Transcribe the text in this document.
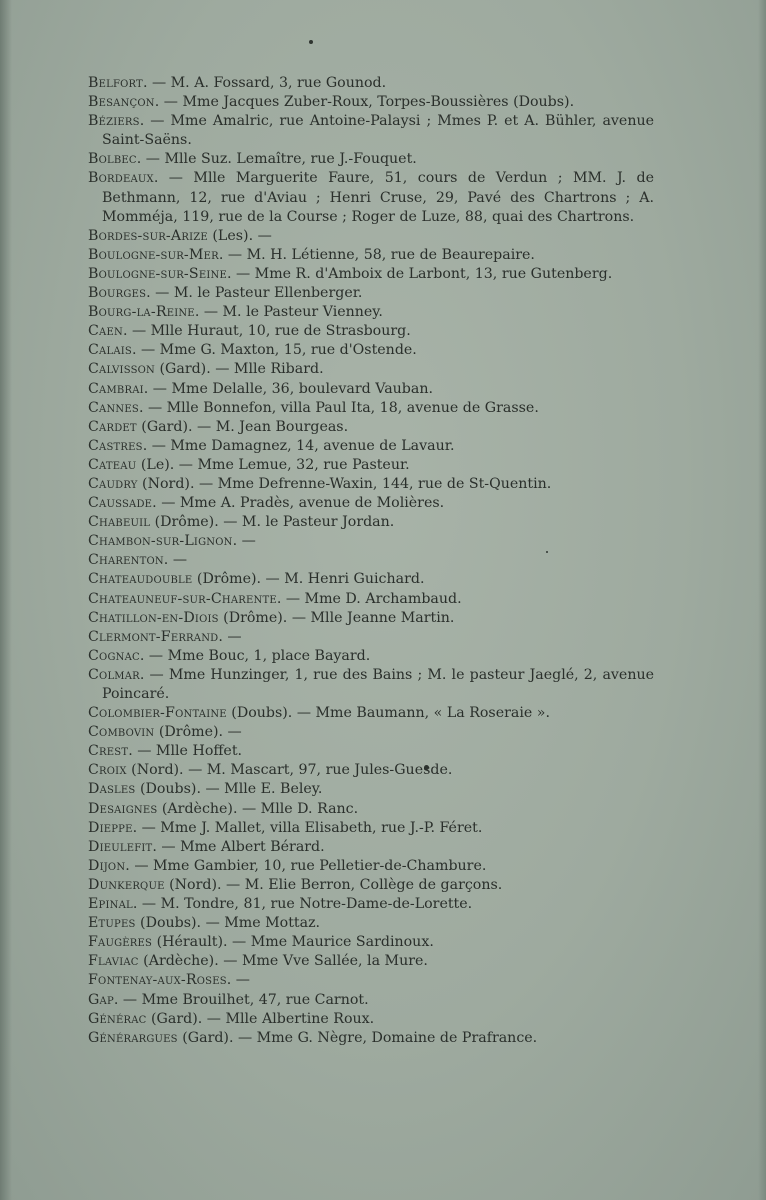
Belfort. — M. A. Fossard, 3, rue Gounod.
Besançon. — Mme Jacques Zuber-Roux, Torpes-Boussières (Doubs).
Béziers. — Mme Amalric, rue Antoine-Palaysi ; Mmes P. et A. Bühler, avenue Saint-Saëns.
Bolbec. — Mlle Suz. Lemaître, rue J.-Fouquet.
Bordeaux. — Mlle Marguerite Faure, 51, cours de Verdun ; MM. J. de Bethmann, 12, rue d'Aviau ; Henri Cruse, 29, Pavé des Chartrons ; A. Momméja, 119, rue de la Course ; Roger de Luze, 88, quai des Chartrons.
Bordes-sur-Arize (Les). —
Boulogne-sur-Mer. — M. H. Létienne, 58, rue de Beaurepaire.
Boulogne-sur-Seine. — Mme R. d'Amboix de Larbont, 13, rue Gutenberg.
Bourges. — M. le Pasteur Ellenberger.
Bourg-la-Reine. — M. le Pasteur Vienney.
Caen. — Mlle Huraut, 10, rue de Strasbourg.
Calais. — Mme G. Maxton, 15, rue d'Ostende.
Calvisson (Gard). — Mlle Ribard.
Cambrai. — Mme Delalle, 36, boulevard Vauban.
Cannes. — Mlle Bonnefon, villa Paul Ita, 18, avenue de Grasse.
Cardet (Gard). — M. Jean Bourgeas.
Castres. — Mme Damagnez, 14, avenue de Lavaur.
Cateau (Le). — Mme Lemue, 32, rue Pasteur.
Caudry (Nord). — Mme Defrenne-Waxin, 144, rue de St-Quentin.
Caussade. — Mme A. Pradès, avenue de Molières.
Chabeuil (Drôme). — M. le Pasteur Jordan.
Chambon-sur-Lignon. —
Charenton. —
Chateaudouble (Drôme). — M. Henri Guichard.
Chateauneuf-sur-Charente. — Mme D. Archambaud.
Chatillon-en-Diois (Drôme). — Mlle Jeanne Martin.
Clermont-Ferrand. —
Cognac. — Mme Bouc, 1, place Bayard.
Colmar. — Mme Hunzinger, 1, rue des Bains ; M. le pasteur Jaeglé, 2, avenue Poincaré.
Colombier-Fontaine (Doubs). — Mme Baumann, « La Roseraie ».
Combovin (Drôme). —
Crest. — Mlle Hoffet.
Croix (Nord). — M. Mascart, 97, rue Jules-Guesde.
Dasles (Doubs). — Mlle E. Beley.
Desaignes (Ardèche). — Mlle D. Ranc.
Dieppe. — Mme J. Mallet, villa Elisabeth, rue J.-P. Féret.
Dieulefit. — Mme Albert Bérard.
Dijon. — Mme Gambier, 10, rue Pelletier-de-Chambure.
Dunkerque (Nord). — M. Elie Berron, Collège de garçons.
Epinal. — M. Tondre, 81, rue Notre-Dame-de-Lorette.
Etupes (Doubs). — Mme Mottaz.
Faugères (Hérault). — Mme Maurice Sardinoux.
Flaviac (Ardèche). — Mme Vve Sallée, la Mure.
Fontenay-aux-Roses. —
Gap. — Mme Brouilhet, 47, rue Carnot.
Générac (Gard). — Mlle Albertine Roux.
Générargues (Gard). — Mme G. Nègre, Domaine de Prafrance.
